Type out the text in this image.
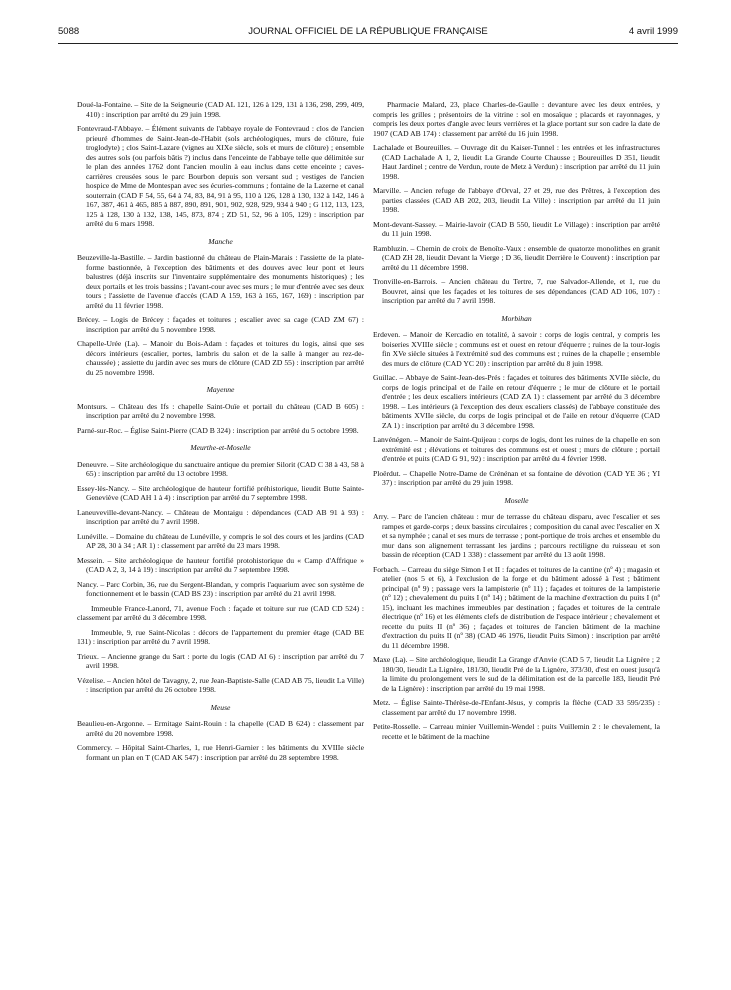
5088	JOURNAL OFFICIEL DE LA RÉPUBLIQUE FRANÇAISE	4 avril 1999

Doué-la-Fontaine. – Site de la Seigneurie (CAD AL 121, 126 à 129, 131 à 136, 298, 299, 409, 410) : inscription par arrêté du 29 juin 1998.

Fontevraud-l'Abbaye. – Élément suivants de l'abbaye royale de Fontevraud : clos de l'ancien prieuré d'hommes de Saint-Jean-de-l'Habit (sols archéologiques, murs de clôture, fuie troglodyte) ; clos Saint-Lazare (vignes au XIXe siècle, sols et murs de clôture) ; ensemble des autres sols (ou parfois bâtis ?) inclus dans l'enceinte de l'abbaye telle que délimitée sur le plan des années 1762 dont l'ancien moulin à eau inclus dans cette enceinte ; caves-carrières creusées sous le parc Bourbon depuis son versant sud ; vestiges de l'ancien hospice de Mme de Montespan avec ses écuries-communs ; fontaine de la Lazerne et canal souterrain (CAD F 54, 55, 64 à 74, 83, 84, 91 à 95, 110 à 126, 128 à 130, 132 à 142, 146 à 167, 387, 461 à 465, 885 à 887, 890, 891, 901, 902, 928, 929, 934 à 940 ; G 112, 113, 123, 125 à 128, 130 à 132, 138, 145, 873, 874 ; ZD 51, 52, 96 à 105, 129) : inscription par arrêté du 6 mars 1998.

Manche

Beuzeville-la-Bastille. – Jardin bastionné du château de Plain-Marais : l'assiette de la plate-forme bastionnée, à l'exception des bâtiments et des douves avec leur pont et leurs balustres (déjà inscrits sur l'inventaire supplémentaire des monuments historiques) ; les deux portails et les trois bassins ; l'avant-cour avec ses murs ; le mur d'entrée avec ses deux tours ; l'assiette de l'avenue d'accès (CAD A 159, 163 à 165, 167, 169) : inscription par arrêté du 11 février 1998.

Brécey. – Logis de Brécey : façades et toitures ; escalier avec sa cage (CAD ZM 67) : inscription par arrêté du 5 novembre 1998.

Chapelle-Urée (La). – Manoir du Bois-Adam : façades et toitures du logis, ainsi que ses décors intérieurs (escalier, portes, lambris du salon et de la salle à manger au rez-de-chaussée) ; assiette du jardin avec ses murs de clôture (CAD ZD 55) : inscription par arrêté du 25 novembre 1998.

Mayenne

Montsurs. – Château des Ifs : chapelle Saint-Ouïe et portail du château (CAD B 605) : inscription par arrêté du 2 novembre 1998.

Parné-sur-Roc. – Église Saint-Pierre (CAD B 324) : inscription par arrêté du 5 octobre 1998.

Meurthe-et-Moselle

Deneuvre. – Site archéologique du sanctuaire antique du premier Silorit (CAD C 38 à 43, 58 à 65) : inscription par arrêté du 13 octobre 1998.

Essey-lès-Nancy. – Site archéologique de hauteur fortifié préhistorique, lieudit Butte Sainte-Geneviève (CAD AH 1 à 4) : inscription par arrêté du 7 septembre 1998.

Laneuveville-devant-Nancy. – Château de Montaigu : dépendances (CAD AB 91 à 93) : inscription par arrêté du 7 avril 1998.

Lunéville. – Domaine du château de Lunéville, y compris le sol des cours et les jardins (CAD AP 28, 30 à 34 ; AR 1) : classement par arrêté du 23 mars 1998.

Messein. – Site archéologique de hauteur fortifié protohistorique du « Camp d'Affrique » (CAD A 2, 3, 14 à 19) : inscription par arrêté du 7 septembre 1998.

Nancy. – Parc Corbin, 36, rue du Sergent-Blandan, y compris l'aquarium avec son système de fonctionnement et le bassin (CAD BS 23) : inscription par arrêté du 21 avril 1998.

Immeuble France-Lanord, 71, avenue Foch : façade et toiture sur rue (CAD CD 524) : classement par arrêté du 3 décembre 1998.

Immeuble, 9, rue Saint-Nicolas : décors de l'appartement du premier étage (CAD BE 131) : inscription par arrêté du 7 avril 1998.

Trieux. – Ancienne grange du Sart : porte du logis (CAD AI 6) : inscription par arrêté du 7 avril 1998.

Vézelise. – Ancien hôtel de Tavagny, 2, rue Jean-Baptiste-Salle (CAD AB 75, lieudit La Ville) : inscription par arrêté du 26 octobre 1998.

Meuse

Beaulieu-en-Argonne. – Ermitage Saint-Rouin : la chapelle (CAD B 624) : classement par arrêté du 20 novembre 1998.

Commercy. – Hôpital Saint-Charles, 1, rue Henri-Garnier : les bâtiments du XVIIIe siècle formant un plan en T (CAD AK 547) : inscription par arrêté du 28 septembre 1998.

Pharmacie Malard, 23, place Charles-de-Gaulle : devanture avec les deux entrées, y compris les grilles ; présentoirs de la vitrine : sol en mosaïque ; placards et rayonnages, y compris les deux portes d'angle avec leurs verrières et la glace portant sur son cadre la date de 1907 (CAD AB 174) : classement par arrêté du 16 juin 1998.

Lachalade et Boureuilles. – Ouvrage dit du Kaiser-Tunnel : les entrées et les infrastructures (CAD Lachalade A 1, 2, lieudit La Grande Courte Chausse ; Boureuilles D 351, lieudit Haut Jardinel ; centre de Verdun, route de Metz à Verdun) : inscription par arrêté du 11 juin 1998.

Marville. – Ancien refuge de l'abbaye d'Orval, 27 et 29, rue des Prêtres, à l'exception des parties classées (CAD AB 202, 203, lieudit La Ville) : inscription par arrêté du 11 juin 1998.

Mont-devant-Sassey. – Mairie-lavoir (CAD B 550, lieudit Le Village) : inscription par arrêté du 11 juin 1998.

Rambluzin. – Chemin de croix de Benoîte-Vaux : ensemble de quatorze monolithes en granit (CAD ZH 28, lieudit Devant la Vierge ; D 36, lieudit Derrière le Couvent) : inscription par arrêté du 11 décembre 1998.

Tronville-en-Barrois. – Ancien château du Tertre, 7, rue Salvador-Allende, et 1, rue du Bouvret, ainsi que les façades et les toitures de ses dépendances (CAD AD 106, 107) : inscription par arrêté du 7 avril 1998.

Morbihan

Erdeven. – Manoir de Kercadio en totalité, à savoir : corps de logis central, y compris les boiseries XVIIIe siècle ; communs est et ouest en retour d'équerre ; ruines de la tour-logis fin XVe siècle situées à l'extrémité sud des communs est ; ruines de la chapelle ; ensemble des murs de clôture (CAD YC 20) : inscription par arrêté du 8 juin 1998.

Guillac. – Abbaye de Saint-Jean-des-Prés : façades et toitures des bâtiments XVIIe siècle, du corps de logis principal et de l'aile en retour d'équerre ; le mur de clôture et le portail d'entrée ; les deux escaliers intérieurs (CAD ZA 1) : classement par arrêté du 3 décembre 1998. – Les intérieurs (à l'exception des deux escaliers classés) de l'abbaye constituée des bâtiments XVIIe siècle, du corps de logis principal et de l'aile en retour d'équerre (CAD ZA 1) : inscription par arrêté du 3 décembre 1998.

Lanvénégen. – Manoir de Saint-Quijeau : corps de logis, dont les ruines de la chapelle en son extrémité est ; élévations et toitures des communs est et ouest ; murs de clôture ; portail d'entrée et puits (CAD G 91, 92) : inscription par arrêté du 4 février 1998.

Ploërdut. – Chapelle Notre-Dame de Crénénan et sa fontaine de dévotion (CAD YE 36 ; YI 37) : inscription par arrêté du 29 juin 1998.

Moselle

Arry. – Parc de l'ancien château : mur de terrasse du château disparu, avec l'escalier et ses rampes et garde-corps ; deux bassins circulaires ; composition du canal avec l'escalier en X et sa nymphée ; canal et ses murs de terrasse ; pont-portique de trois arches et ensemble du mur dans son alignement terrassant les jardins ; parcours rectiligne du ruisseau et son bassin de réception (CAD 1 338) : classement par arrêté du 13 août 1998.

Forbach. – Carreau du siège Simon I et II : façades et toitures de la cantine (nº 4) ; magasin et atelier (nos 5 et 6), à l'exclusion de la forge et du bâtiment adossé à l'est ; bâtiment principal (nº 9) ; passage vers la lampisterie (nº 11) ; façades et toitures de la lampisterie (nº 12) ; chevalement du puits I (nº 14) ; bâtiment de la machine d'extraction du puits I (nº 15), incluant les machines immeubles par destination ; façades et toitures de la centrale électrique (nº 16) et les éléments clefs de distribution de l'espace intérieur ; chevalement et recette du puits II (nº 36) ; façades et toitures de l'ancien bâtiment de la machine d'extraction du puits II (nº 38) (CAD 46 1976, lieudit Puits Simon) : inscription par arrêté du 11 décembre 1998.

Maxe (La). – Site archéologique, lieudit La Grange d'Anvie (CAD 5 7, lieudit La Lignère ; 2 180/30, lieudit La Lignère, 181/30, lieudit Pré de la Lignère, 373/30, d'est en ouest jusqu'à la limite du prolongement vers le sud de la délimitation est de la parcelle 183, lieudit Pré de la Lignère) : inscription par arrêté du 19 mai 1998.

Metz. – Église Sainte-Thérèse-de-l'Enfant-Jésus, y compris la flèche (CAD 33 595/235) : classement par arrêté du 17 novembre 1998.

Petite-Rosselle. – Carreau minier Vuillemin-Wendel : puits Vuillemin 2 : le chevalement, la recette et le bâtiment de la machine
